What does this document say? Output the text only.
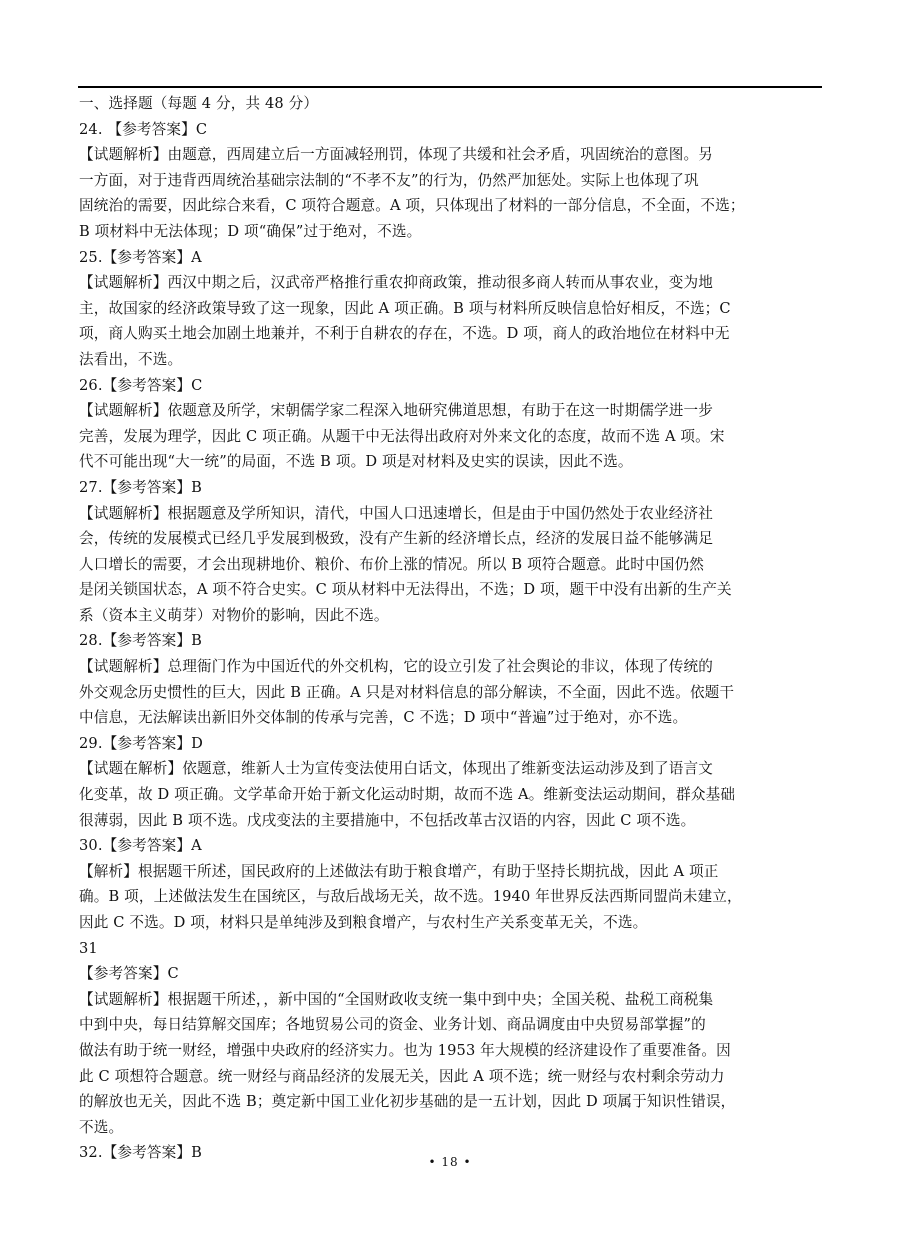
一、选择题（每题 4 分，共 48 分）
24. 【参考答案】C
【试题解析】由题意，西周建立后一方面减轻刑罚，体现了共缓和社会矛盾，巩固统治的意图。另
一方面，对于违背西周统治基础宗法制的“不孝不友”的行为，仍然严加惩处。实际上也体现了巩
固统治的需要，因此综合来看，C 项符合题意。A 项，只体现出了材料的一部分信息，不全面，不选；
B 项材料中无法体现；D 项“确保”过于绝对，不选。
25.【参考答案】A
【试题解析】西汉中期之后，汉武帝严格推行重农抑商政策，推动很多商人转而从事农业，变为地
主，故国家的经济政策导致了这一现象，因此 A 项正确。B 项与材料所反映信息恰好相反，不选；C
项，商人购买土地会加剧土地兼并，不利于自耕农的存在，不选。D 项，商人的政治地位在材料中无
法看出，不选。
26.【参考答案】C
【试题解析】依题意及所学，宋朝儒学家二程深入地研究佛道思想，有助于在这一时期儒学进一步
完善，发展为理学，因此 C 项正确。从题干中无法得出政府对外来文化的态度，故而不选 A 项。宋
代不可能出现“大一统”的局面，不选 B 项。D 项是对材料及史实的误读，因此不选。
27.【参考答案】B
【试题解析】根据题意及学所知识，清代，中国人口迅速增长，但是由于中国仍然处于农业经济社
会，传统的发展模式已经几乎发展到极致，没有产生新的经济增长点，经济的发展日益不能够满足
人口增长的需要，才会出现耕地价、粮价、布价上涨的情况。所以 B 项符合题意。此时中国仍然
是闭关锁国状态，A 项不符合史实。C 项从材料中无法得出，不选；D 项，题干中没有出新的生产关
系（资本主义萌芽）对物价的影响，因此不选。
28.【参考答案】B
【试题解析】总理衙门作为中国近代的外交机构，它的设立引发了社会舆论的非议，体现了传统的
外交观念历史惯性的巨大，因此 B 正确。A 只是对材料信息的部分解读，不全面，因此不选。依题干
中信息，无法解读出新旧外交体制的传承与完善，C 不选；D 项中“普遍”过于绝对，亦不选。
29.【参考答案】D
【试题在解析】依题意，维新人士为宣传变法使用白话文，体现出了维新变法运动涉及到了语言文
化变革，故 D 项正确。文学革命开始于新文化运动时期，故而不选 A。维新变法运动期间，群众基础
很薄弱，因此 B 项不选。戊戌变法的主要措施中，不包括改革古汉语的内容，因此 C 项不选。
30.【参考答案】A
【解析】根据题干所述，国民政府的上述做法有助于粮食增产，有助于坚持长期抗战，因此 A 项正
确。B 项，上述做法发生在国统区，与敌后战场无关，故不选。1940 年世界反法西斯同盟尚未建立，
因此 C 不选。D 项，材料只是单纯涉及到粮食增产，与农村生产关系变革无关，不选。
31
【参考答案】C
【试题解析】根据题干所述，，新中国的“全国财政收支统一集中到中央；全国关税、盐税工商税集
中到中央，每日结算解交国库；各地贸易公司的资金、业务计划、商品调度由中央贸易部掌握”的
做法有助于统一财经，增强中央政府的经济实力。也为 1953 年大规模的经济建设作了重要准备。因
此 C 项想符合题意。统一财经与商品经济的发展无关，因此 A 项不选；统一财经与农村剩余劳动力
的解放也无关，因此不选 B；奠定新中国工业化初步基础的是一五计划，因此 D 项属于知识性错误，
不选。
32.【参考答案】B
• 18 •
